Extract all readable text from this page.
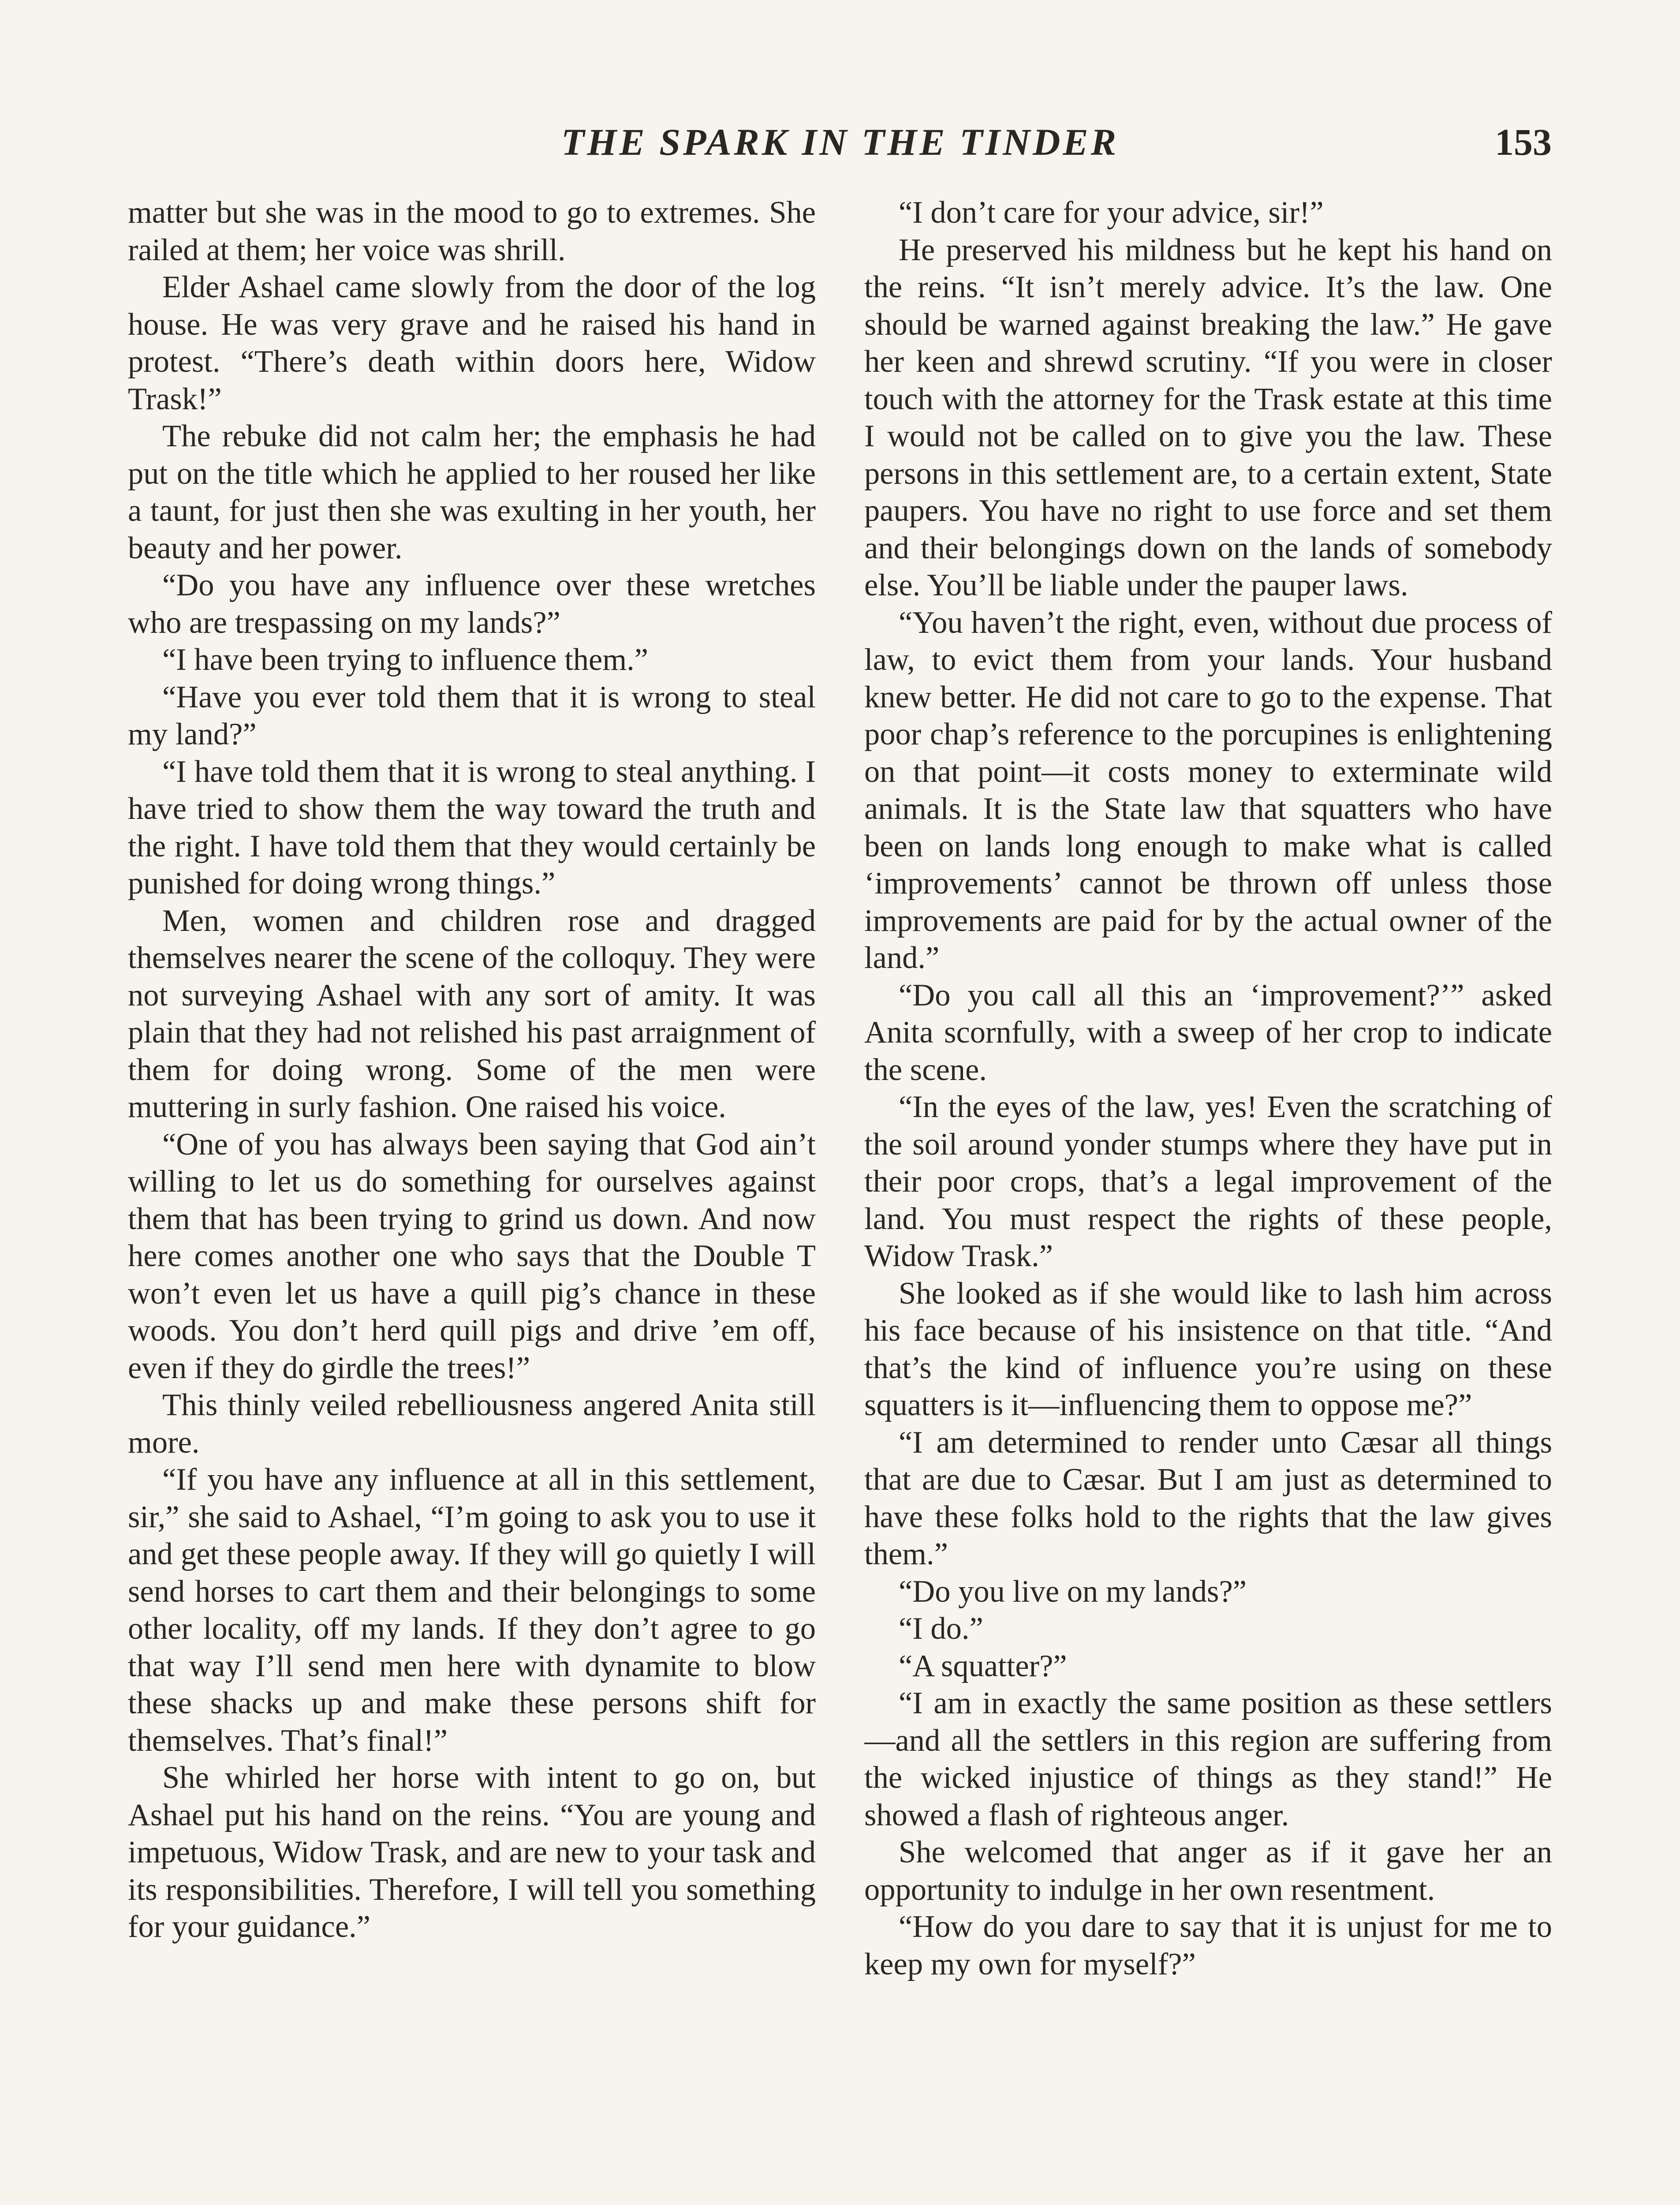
THE SPARK IN THE TINDER	153

matter but she was in the mood to go to extremes. She railed at them; her voice was shrill.

Elder Ashael came slowly from the door of the log house. He was very grave and he raised his hand in protest. “There’s death within doors here, Widow Trask!”

The rebuke did not calm her; the emphasis he had put on the title which he applied to her roused her like a taunt, for just then she was exulting in her youth, her beauty and her power.

“Do you have any influence over these wretches who are trespassing on my lands?”

“I have been trying to influence them.”

“Have you ever told them that it is wrong to steal my land?”

“I have told them that it is wrong to steal anything. I have tried to show them the way toward the truth and the right. I have told them that they would certainly be punished for doing wrong things.”

Men, women and children rose and dragged themselves nearer the scene of the colloquy. They were not surveying Ashael with any sort of amity. It was plain that they had not relished his past arraignment of them for doing wrong. Some of the men were muttering in surly fashion. One raised his voice.

“One of you has always been saying that God ain’t willing to let us do something for ourselves against them that has been trying to grind us down. And now here comes another one who says that the Double T won’t even let us have a quill pig’s chance in these woods. You don’t herd quill pigs and drive ’em off, even if they do girdle the trees!”

This thinly veiled rebelliousness angered Anita still more.

“If you have any influence at all in this settlement, sir,” she said to Ashael, “I’m going to ask you to use it and get these people away. If they will go quietly I will send horses to cart them and their belongings to some other locality, off my lands. If they don’t agree to go that way I’ll send men here with dynamite to blow these shacks up and make these persons shift for themselves. That’s final!”

She whirled her horse with intent to go on, but Ashael put his hand on the reins. “You are young and impetuous, Widow Trask, and are new to your task and its responsibilities. Therefore, I will tell you something for your guidance.”

“I don’t care for your advice, sir!”

He preserved his mildness but he kept his hand on the reins. “It isn’t merely advice. It’s the law. One should be warned against breaking the law.” He gave her keen and shrewd scrutiny. “If you were in closer touch with the attorney for the Trask estate at this time I would not be called on to give you the law. These persons in this settlement are, to a certain extent, State paupers. You have no right to use force and set them and their belongings down on the lands of somebody else. You’ll be liable under the pauper laws.

“You haven’t the right, even, without due process of law, to evict them from your lands. Your husband knew better. He did not care to go to the expense. That poor chap’s reference to the porcupines is enlightening on that point—it costs money to exterminate wild animals. It is the State law that squatters who have been on lands long enough to make what is called ‘improvements’ cannot be thrown off unless those improvements are paid for by the actual owner of the land.”

“Do you call all this an ‘improvement?’” asked Anita scornfully, with a sweep of her crop to indicate the scene.

“In the eyes of the law, yes! Even the scratching of the soil around yonder stumps where they have put in their poor crops, that’s a legal improvement of the land. You must respect the rights of these people, Widow Trask.”

She looked as if she would like to lash him across his face because of his insistence on that title. “And that’s the kind of influence you’re using on these squatters is it—influencing them to oppose me?”

“I am determined to render unto Cæsar all things that are due to Cæsar. But I am just as determined to have these folks hold to the rights that the law gives them.”

“Do you live on my lands?”

“I do.”

“A squatter?”

“I am in exactly the same position as these settlers—and all the settlers in this region are suffering from the wicked injustice of things as they stand!” He showed a flash of righteous anger.

She welcomed that anger as if it gave her an opportunity to indulge in her own resentment.

“How do you dare to say that it is unjust for me to keep my own for myself?”
